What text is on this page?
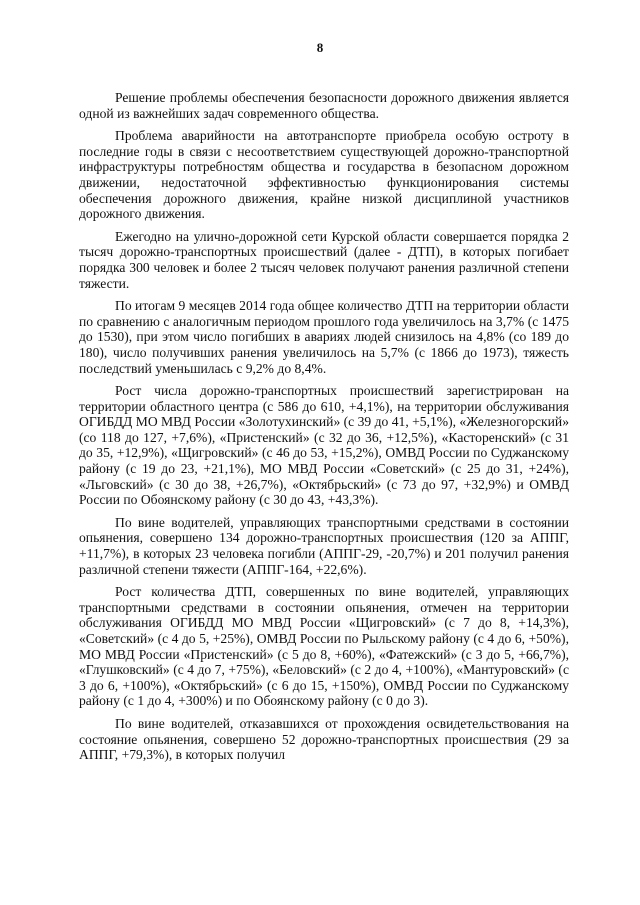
8

Решение проблемы обеспечения безопасности дорожного движения является одной из важнейших задач современного общества.

Проблема аварийности на автотранспорте приобрела особую остроту в последние годы в связи с несоответствием существующей дорожно-транспортной инфраструктуры потребностям общества и государства в безопасном дорожном движении, недостаточной эффективностью функционирования системы обеспечения дорожного движения, крайне низкой дисциплиной участников дорожного движения.

Ежегодно на улично-дорожной сети Курской области совершается порядка 2 тысяч дорожно-транспортных происшествий (далее - ДТП), в которых погибает порядка 300 человек и более 2 тысяч человек получают ранения различной степени тяжести.

По итогам 9 месяцев 2014 года общее количество ДТП на территории области по сравнению с аналогичным периодом прошлого года увеличилось на 3,7% (с 1475 до 1530), при этом число погибших в авариях людей снизилось на 4,8% (со 189 до 180), число получивших ранения увеличилось на 5,7% (с 1866 до 1973), тяжесть последствий уменьшилась с 9,2% до 8,4%.

Рост числа дорожно-транспортных происшествий зарегистрирован на территории областного центра (с 586 до 610, +4,1%), на территории обслуживания ОГИБДД МО МВД России «Золотухинский» (с 39 до 41, +5,1%), «Железногорский» (со 118 до 127, +7,6%), «Пристенский» (с 32 до 36, +12,5%), «Касторенский» (с 31 до 35, +12,9%), «Щигровский» (с 46 до 53, +15,2%), ОМВД России по Суджанскому району (с 19 до 23, +21,1%), МО МВД России «Советский» (с 25 до 31, +24%), «Льговский» (с 30 до 38, +26,7%), «Октябрьский» (с 73 до 97, +32,9%) и ОМВД России по Обоянскому району (с 30 до 43, +43,3%).

По вине водителей, управляющих транспортными средствами в состоянии опьянения, совершено 134 дорожно-транспортных происшествия (120 за АППГ, +11,7%), в которых 23 человека погибли (АППГ-29, -20,7%) и 201 получил ранения различной степени тяжести (АППГ-164, +22,6%).

Рост количества ДТП, совершенных по вине водителей, управляющих транспортными средствами в состоянии опьянения, отмечен на территории обслуживания ОГИБДД МО МВД России «Щигровский» (с 7 до 8, +14,3%), «Советский» (с 4 до 5, +25%), ОМВД России по Рыльскому району (с 4 до 6, +50%), МО МВД России «Пристенский» (с 5 до 8, +60%), «Фатежский» (с 3 до 5, +66,7%), «Глушковский» (с 4 до 7, +75%), «Беловский» (с 2 до 4, +100%), «Мантуровский» (с 3 до 6, +100%), «Октябрьский» (с 6 до 15, +150%), ОМВД России по Суджанскому району (с 1 до 4, +300%) и по Обоянскому району (с 0 до 3).

По вине водителей, отказавшихся от прохождения освидетельствования на состояние опьянения, совершено 52 дорожно-транспортных происшествия (29 за АППГ, +79,3%), в которых получил
